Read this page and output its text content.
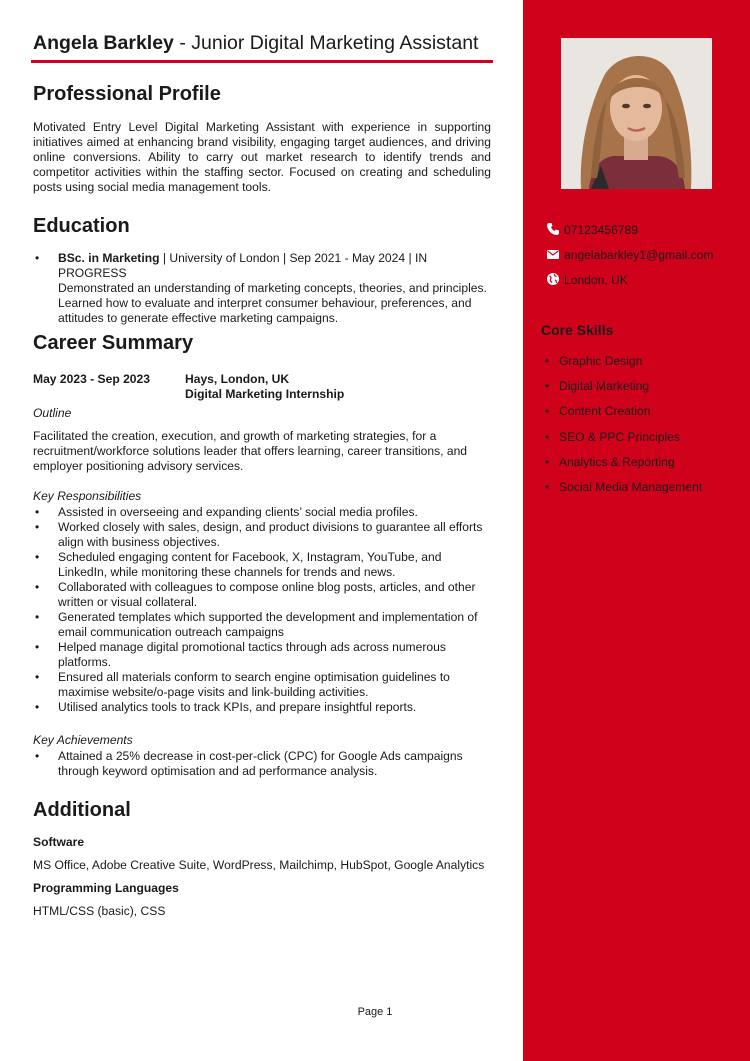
07123456789
angelabarkley1@gmail.com
London, UK
Core Skills
• Graphic Design
• Digital Marketing
• Content Creation
• SEO & PPC Principles
• Analytics & Reporting
• Social Media Management
Angela Barkley - Junior Digital Marketing Assistant
Professional Profile
Motivated Entry Level Digital Marketing Assistant with experience in supporting initiatives aimed at enhancing brand visibility, engaging target audiences, and driving online conversions. Ability to carry out market research to identify trends and competitor activities within the staffing sector. Focused on creating and scheduling posts using social media management tools.
Education
• BSc. in Marketing | University of London | Sep 2021 - May 2024 | IN PROGRESS
Demonstrated an understanding of marketing concepts, theories, and principles. Learned how to evaluate and interpret consumer behaviour, preferences, and attitudes to generate effective marketing campaigns.
Career Summary
May 2023 - Sep 2023	Hays, London, UK
Digital Marketing Internship
Outline
Facilitated the creation, execution, and growth of marketing strategies, for a recruitment/workforce solutions leader that offers learning, career transitions, and employer positioning advisory services.
Key Responsibilities
• Assisted in overseeing and expanding clients’ social media profiles.
• Worked closely with sales, design, and product divisions to guarantee all efforts align with business objectives.
• Scheduled engaging content for Facebook, X, Instagram, YouTube, and LinkedIn, while monitoring these channels for trends and news.
• Collaborated with colleagues to compose online blog posts, articles, and other written or visual collateral.
• Generated templates which supported the development and implementation of email communication outreach campaigns
• Helped manage digital promotional tactics through ads across numerous platforms.
• Ensured all materials conform to search engine optimisation guidelines to maximise website/o-page visits and link-building activities.
• Utilised analytics tools to track KPIs, and prepare insightful reports.
Key Achievements
• Attained a 25% decrease in cost-per-click (CPC) for Google Ads campaigns through keyword optimisation and ad performance analysis.
Additional
Software
MS Office, Adobe Creative Suite, WordPress, Mailchimp, HubSpot, Google Analytics
Programming Languages
HTML/CSS (basic), CSS
Page 1
